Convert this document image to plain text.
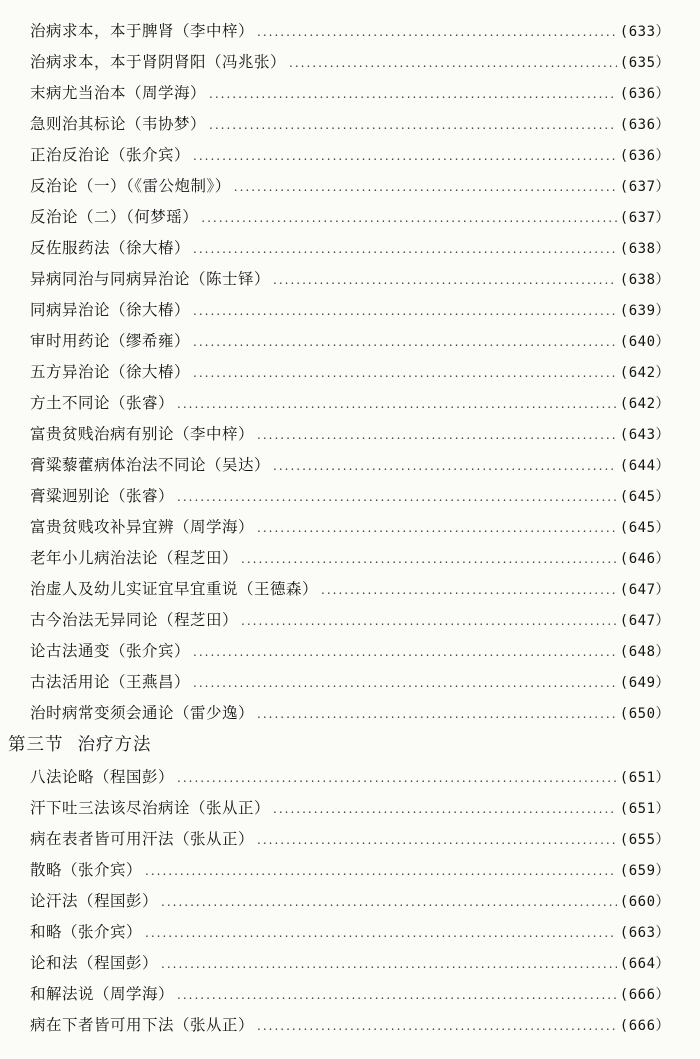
治病求本，本于脾肾（李中梓） .....	(633）
治病求本，本于肾阴肾阳（冯兆张） .....	(635）
末病尤当治本（周学海） .....	(636）
急则治其标论（韦协梦） .....	(636）
正治反治论（张介宾） .....	(636）
反治论（一）（《雷公炮制》） .....	(637）
反治论（二）（何梦瑶） .....	(637）
反佐服药法（徐大椿） .....	(638）
异病同治与同病异治论（陈士铎） .....	(638）
同病异治论（徐大椿） .....	(639）
审时用药论（缪希雍） .....	(640）
五方异治论（徐大椿） .....	(642）
方土不同论（张睿） .....	(642）
富贵贫贱治病有别论（李中梓） .....	(643）
膏粱藜藿病体治法不同论（吴达） .....	(644）
膏粱迥别论（张睿） .....	(645）
富贵贫贱攻补异宜辨（周学海） .....	(645）
老年小儿病治法论（程芝田） .....	(646）
治虚人及幼儿实证宜早宜重说（王德森） .....	(647）
古今治法无异同论（程芝田） .....	(647）
论古法通变（张介宾） .....	(648）
古法活用论（王燕昌） .....	(649）
治时病常变须会通论（雷少逸） .....	(650）
第三节 治疗方法
八法论略（程国彭） .....	(651）
汗下吐三法该尽治病诠（张从正） .....	(651）
病在表者皆可用汗法（张从正） .....	(655）
散略（张介宾） .....	(659）
论汗法（程国彭） .....	(660）
和略（张介宾） .....	(663）
论和法（程国彭） .....	(664）
和解法说（周学海） .....	(666）
病在下者皆可用下法（张从正） .....	(666）
